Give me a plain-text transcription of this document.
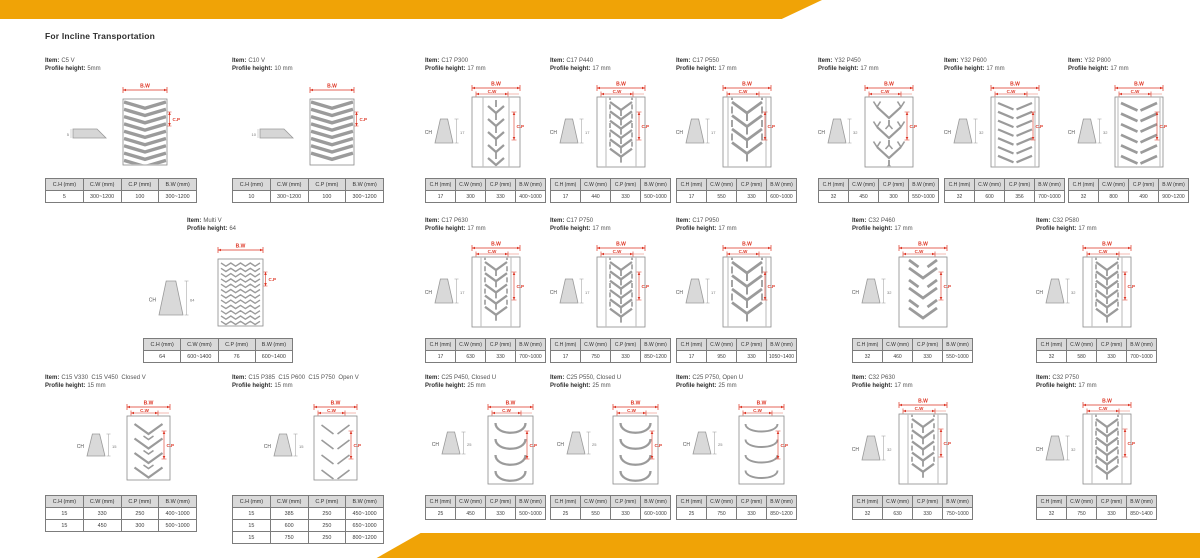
For Incline Transportation
Item: C5 V
Profile height: 5mm
5
B.W
C.P
C.H (mm)	C.W (mm)	C.P (mm)	B.W (mm)
5	300~1200	100	300~1200
Item: C10 V
Profile height: 10 mm
10
B.W
C.P
C.H (mm)	C.W (mm)	C.P (mm)	B.W (mm)
10	300~1200	100	300~1200
Item: C17 P300
Profile height: 17 mm
CH	17
B.W
C.W
C.P
C.H (mm)	C.W (mm)	C.P (mm)	B.W (mm)
17	300	330	400~1000
Item: C17 P440
Profile height: 17 mm
CH	17
B.W
C.W
C.P
C.H (mm)	C.W (mm)	C.P (mm)	B.W (mm)
17	440	330	500~1000
Item: C17 P550
Profile height: 17 mm
CH	17
B.W
C.W
C.P
C.H (mm)	C.W (mm)	C.P (mm)	B.W (mm)
17	550	330	600~1000
Item: Y32 P450
Profile height: 17 mm
CH	32
B.W
C.W
C.P
C.H (mm)	C.W (mm)	C.P (mm)	B.W (mm)
32	450	300	550~1000
Item: Y32 P600
Profile height: 17 mm
CH	32
B.W
C.W
C.P
C.H (mm)	C.W (mm)	C.P (mm)	B.W (mm)
32	600	356	700~1000
Item: Y32 P800
Profile height: 17 mm
CH	32
B.W
C.W
C.P
C.H (mm)	C.W (mm)	C.P (mm)	B.W (mm)
32	800	490	900~1200
Item: Multi V
Profile height: 64
CH	64
B.W
C.P
C.H (mm)	C.W (mm)	C.P (mm)	B.W (mm)
64	600~1400	76	600~1400
Item: C17 P630
Profile height: 17 mm
CH	17
B.W
C.W
C.P
C.H (mm)	C.W (mm)	C.P (mm)	B.W (mm)
17	630	330	700~1000
Item: C17 P750
Profile height: 17 mm
CH	17
B.W
C.W
C.P
C.H (mm)	C.W (mm)	C.P (mm)	B.W (mm)
17	750	330	850~1200
Item: C17 P950
Profile height: 17 mm
CH	17
B.W
C.W
C.P
C.H (mm)	C.W (mm)	C.P (mm)	B.W (mm)
17	950	330	1050~1400
Item: C32 P460
Profile height: 17 mm
CH	32
B.W
C.W
C.P
C.H (mm)	C.W (mm)	C.P (mm)	B.W (mm)
32	460	330	550~1000
Item: C32 P580
Profile height: 17 mm
CH	32
B.W
C.W
C.P
C.H (mm)	C.W (mm)	C.P (mm)	B.W (mm)
32	580	330	700~1000
Item: C15 V330  C15 V450  Closed V
Profile height: 15 mm
CH	15
B.W
C.W
C.P
C.H (mm)	C.W (mm)	C.P (mm)	B.W (mm)
15	330	250	400~1000
15	450	300	500~1000
Item: C15 P385  C15 P600  C15 P750  Open V
Profile height: 15 mm
CH	15
B.W
C.W
C.P
C.H (mm)	C.W (mm)	C.P (mm)	B.W (mm)
15	385	250	450~1000
15	600	250	650~1000
15	750	250	800~1200
Item: C25 P450, Closed U
Profile height: 25 mm
CH	25
B.W
C.W
C.P
C.H (mm)	C.W (mm)	C.P (mm)	B.W (mm)
25	450	330	500~1000
Item: C25 P550, Closed U
Profile height: 25 mm
CH	25
B.W
C.W
C.P
C.H (mm)	C.W (mm)	C.P (mm)	B.W (mm)
25	550	330	600~1000
Item: C25 P750, Open U
Profile height: 25 mm
CH	25
B.W
C.W
C.P
C.H (mm)	C.W (mm)	C.P (mm)	B.W (mm)
25	750	330	850~1200
Item: C32 P630
Profile height: 17 mm
CH	32
B.W
C.W
C.P
C.H (mm)	C.W (mm)	C.P (mm)	B.W (mm)
32	630	330	750~1000
Item: C32 P750
Profile height: 17 mm
CH	32
B.W
C.W
C.P
C.H (mm)	C.W (mm)	C.P (mm)	B.W (mm)
32	750	330	850~1400
